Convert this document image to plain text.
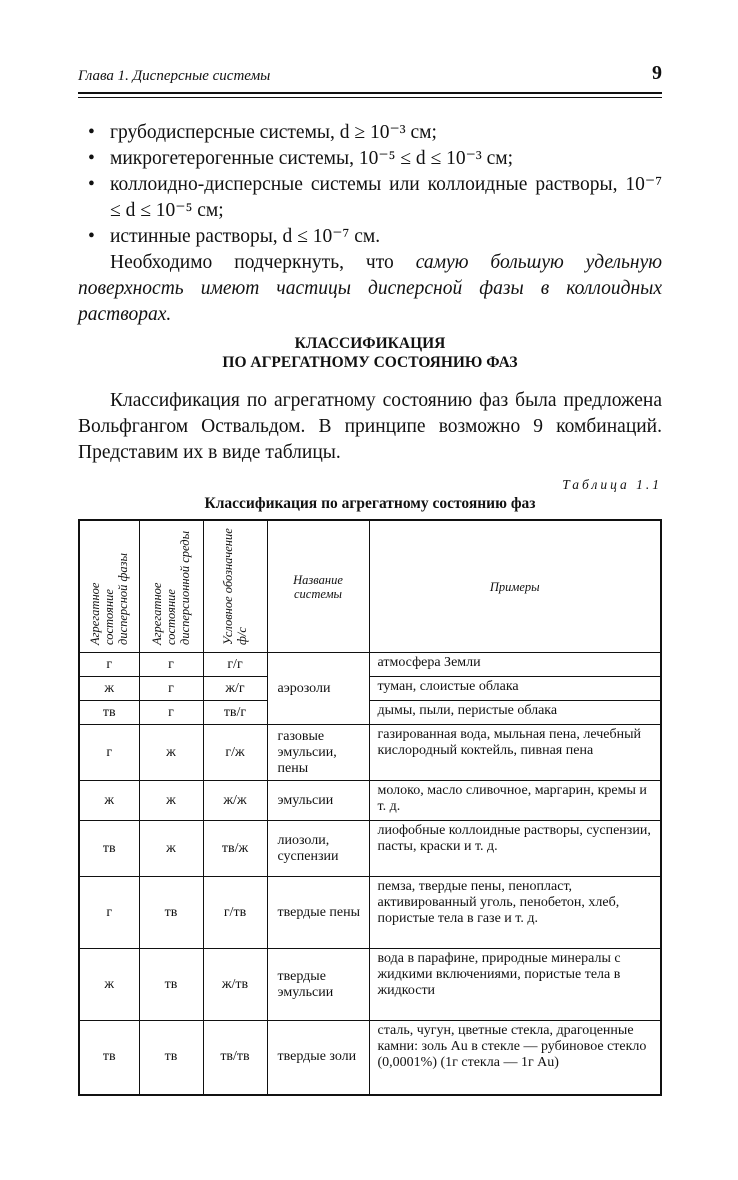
Глава 1. Дисперсные системы	9
• грубодисперсные системы, d ≥ 10⁻³ см;
• микрогетерогенные системы, 10⁻⁵ ≤ d ≤ 10⁻³ см;
• коллоидно-дисперсные системы или коллоидные растворы, 10⁻⁷ ≤ d ≤ 10⁻⁵ см;
• истинные растворы, d ≤ 10⁻⁷ см.

Необходимо подчеркнуть, что самую большую удельную поверхность имеют частицы дисперсной фазы в коллоидных растворах.

КЛАССИФИКАЦИЯ
ПО АГРЕГАТНОМУ СОСТОЯНИЮ ФАЗ

Классификация по агрегатному состоянию фаз была предложена Вольфгангом Оствальдом. В принципе возможно 9 комбинаций. Представим их в виде таблицы.

Таблица 1.1
Классификация по агрегатному состоянию фаз
Агрегатное состояние дисперсной фазы	Агрегатное состояние дисперсионной среды	Условное обозначение ф/с	Название системы	Примеры
г	г	г/г	аэрозоли	атмосфера Земли
ж	г	ж/г		туман, слоистые облака
тв	г	тв/г		дымы, пыли, перистые облака
г	ж	г/ж	газовые эмульсии, пены	газированная вода, мыльная пена, лечебный кислородный коктейль, пивная пена
ж	ж	ж/ж	эмульсии	молоко, масло сливочное, маргарин, кремы и т. д.
тв	ж	тв/ж	лиозоли, суспензии	лиофобные коллоидные растворы, суспензии, пасты, краски и т. д.
г	тв	г/тв	твердые пены	пемза, твердые пены, пенопласт, активированный уголь, пенобетон, хлеб, пористые тела в газе и т. д.
ж	тв	ж/тв	твердые эмульсии	вода в парафине, природные минералы с жидкими включениями, пористые тела в жидкости
тв	тв	тв/тв	твердые золи	сталь, чугун, цветные стекла, драгоценные камни: золь Au в стекле — рубиновое стекло (0,0001%) (1г стекла — 1г Au)
